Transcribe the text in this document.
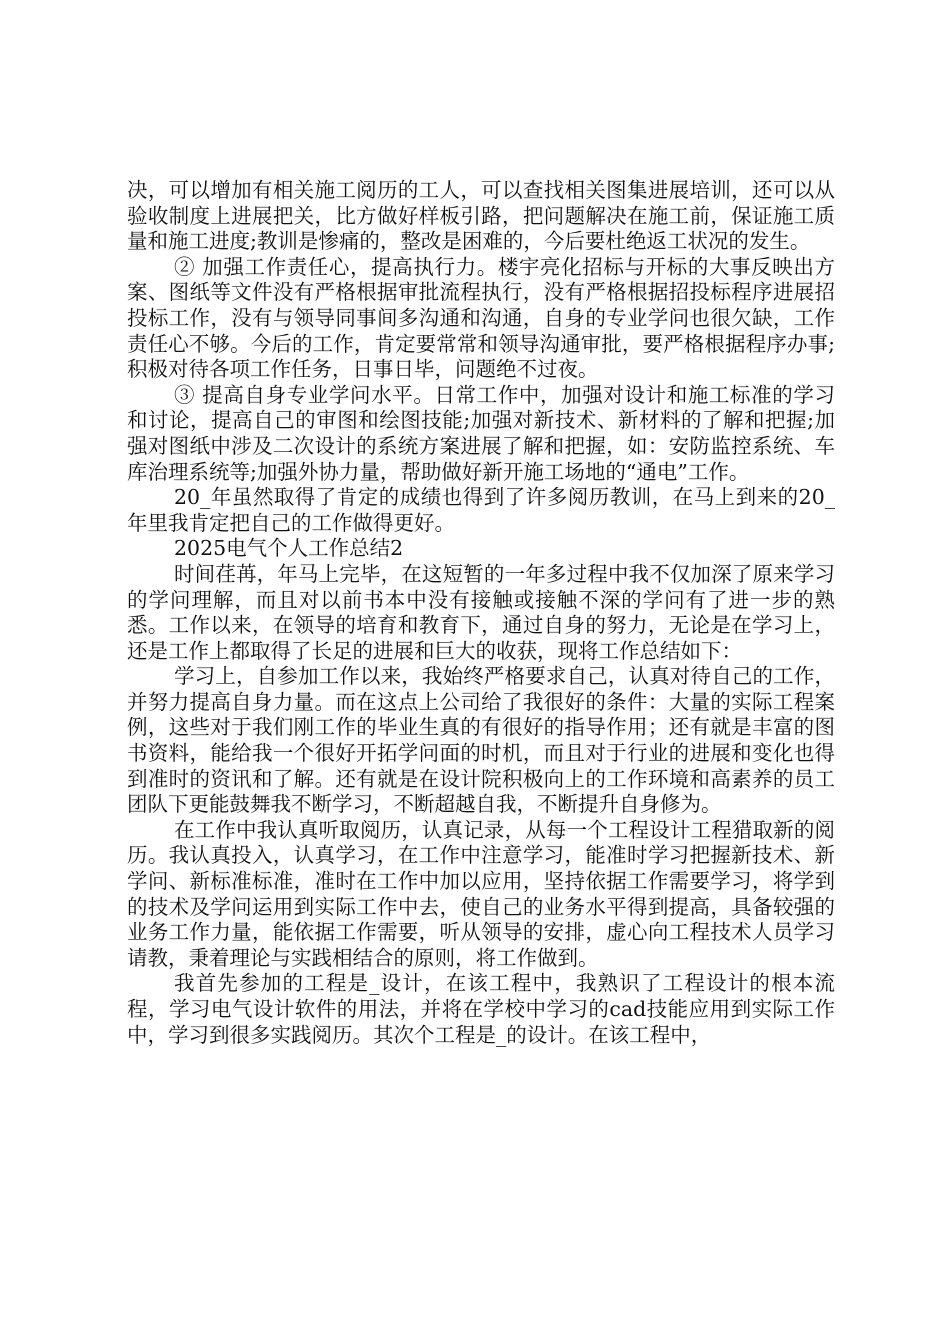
决，可以增加有相关施工阅历的工人，可以查找相关图集进展培训，还可以从验收制度上进展把关，比方做好样板引路，把问题解决在施工前，保证施工质量和施工进度;教训是惨痛的，整改是困难的，今后要杜绝返工状况的发生。

② 加强工作责任心，提高执行力。楼宇亮化招标与开标的大事反映出方案、图纸等文件没有严格根据审批流程执行，没有严格根据招投标程序进展招投标工作，没有与领导同事间多沟通和沟通，自身的专业学问也很欠缺，工作责任心不够。今后的工作，肯定要常常和领导沟通审批，要严格根据程序办事;积极对待各项工作任务，日事日毕，问题绝不过夜。

③ 提高自身专业学问水平。日常工作中，加强对设计和施工标准的学习和讨论，提高自己的审图和绘图技能;加强对新技术、新材料的了解和把握;加强对图纸中涉及二次设计的系统方案进展了解和把握，如：安防监控系统、车库治理系统等;加强外协力量，帮助做好新开施工场地的“通电”工作。

20_年虽然取得了肯定的成绩也得到了许多阅历教训，在马上到来的20_年里我肯定把自己的工作做得更好。

2025电气个人工作总结2

时间荏苒，年马上完毕，在这短暂的一年多过程中我不仅加深了原来学习的学问理解，而且对以前书本中没有接触或接触不深的学问有了进一步的熟悉。工作以来，在领导的培育和教育下，通过自身的努力，无论是在学习上，还是工作上都取得了长足的进展和巨大的收获，现将工作总结如下：

学习上，自参加工作以来，我始终严格要求自己，认真对待自己的工作，并努力提高自身力量。而在这点上公司给了我很好的条件：大量的实际工程案例，这些对于我们刚工作的毕业生真的有很好的指导作用；还有就是丰富的图书资料，能给我一个很好开拓学问面的时机，而且对于行业的进展和变化也得到准时的资讯和了解。还有就是在设计院积极向上的工作环境和高素养的员工团队下更能鼓舞我不断学习，不断超越自我，不断提升自身修为。

在工作中我认真听取阅历，认真记录，从每一个工程设计工程猎取新的阅历。我认真投入，认真学习，在工作中注意学习，能准时学习把握新技术、新学问、新标准标准，准时在工作中加以应用，坚持依据工作需要学习，将学到的技术及学问运用到实际工作中去，使自己的业务水平得到提高，具备较强的业务工作力量，能依据工作需要，听从领导的安排，虚心向工程技术人员学习请教，秉着理论与实践相结合的原则，将工作做到。

我首先参加的工程是_设计，在该工程中，我熟识了工程设计的根本流程，学习电气设计软件的用法，并将在学校中学习的cad技能应用到实际工作中，学习到很多实践阅历。其次个工程是_的设计。在该工程中，
